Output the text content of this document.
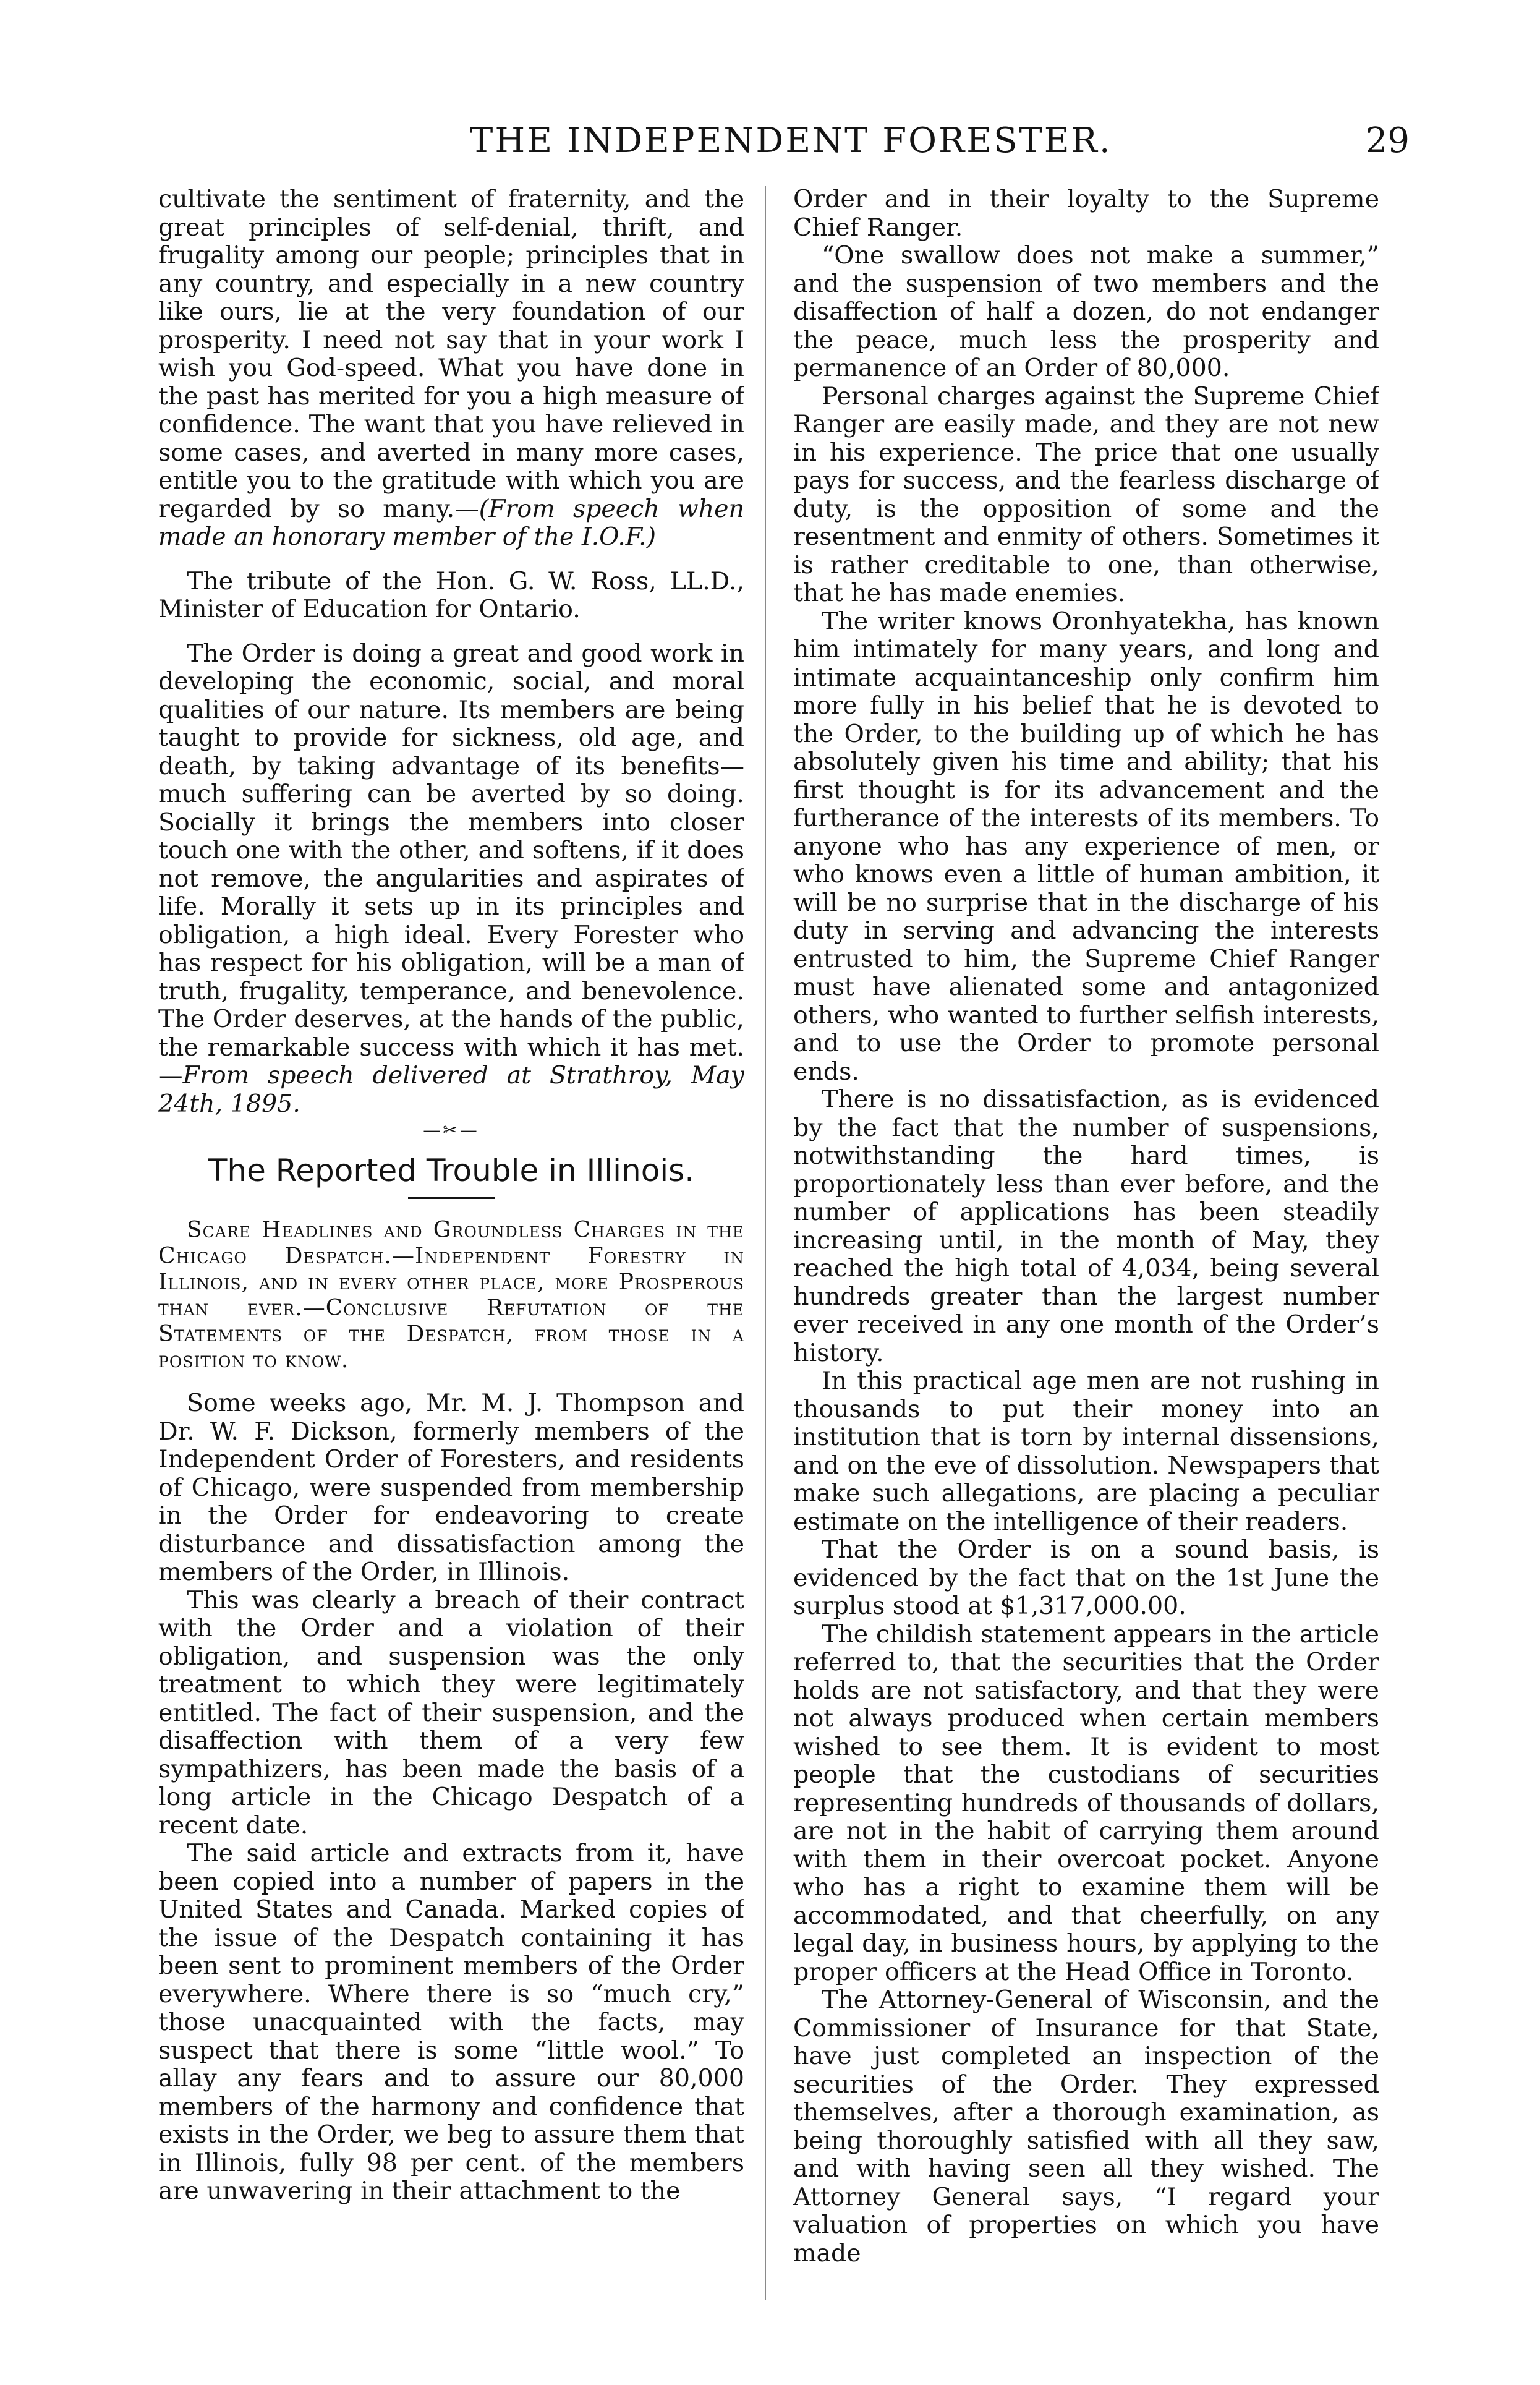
THE INDEPENDENT FORESTER.	29

cultivate the sentiment of fraternity, and the great principles of self-denial, thrift, and frugality among our people; principles that in any country, and especially in a new country like ours, lie at the very foundation of our prosperity. I need not say that in your work I wish you God-speed. What you have done in the past has merited for you a high measure of confidence. The want that you have relieved in some cases, and averted in many more cases, entitle you to the gratitude with which you are regarded by so many.—(From speech when made an honorary member of the I.O.F.)

The tribute of the Hon. G. W. Ross, LL.D., Minister of Education for Ontario.

The Order is doing a great and good work in developing the economic, social, and moral qualities of our nature. Its members are being taught to provide for sickness, old age, and death, by taking advantage of its benefits—much suffering can be averted by so doing. Socially it brings the members into closer touch one with the other, and softens, if it does not remove, the angularities and aspirates of life. Morally it sets up in its principles and obligation, a high ideal. Every Forester who has respect for his obligation, will be a man of truth, frugality, temperance, and benevolence. The Order deserves, at the hands of the public, the remarkable success with which it has met.—From speech delivered at Strathroy, May 24th, 1895.

—✂—
The Reported Trouble in Illinois.

Scare Headlines and Groundless Charges in the Chicago Despatch.—Independent Forestry in Illinois, and in every other place, more Prosperous than ever.—Conclusive Refutation of the Statements of the Despatch, from those in a position to know.

Some weeks ago, Mr. M. J. Thompson and Dr. W. F. Dickson, formerly members of the Independent Order of Foresters, and residents of Chicago, were suspended from membership in the Order for endeavoring to create disturbance and dissatisfaction among the members of the Order, in Illinois.

This was clearly a breach of their contract with the Order and a violation of their obligation, and suspension was the only treatment to which they were legitimately entitled. The fact of their suspension, and the disaffection with them of a very few sympathizers, has been made the basis of a long article in the Chicago Despatch of a recent date.

The said article and extracts from it, have been copied into a number of papers in the United States and Canada. Marked copies of the issue of the Despatch containing it has been sent to prominent members of the Order everywhere. Where there is so “much cry,” those unacquainted with the facts, may suspect that there is some “little wool.” To allay any fears and to assure our 80,000 members of the harmony and confidence that exists in the Order, we beg to assure them that in Illinois, fully 98 per cent. of the members are unwavering in their attachment to the

Order and in their loyalty to the Supreme Chief Ranger.

“One swallow does not make a summer,” and the suspension of two members and the disaffection of half a dozen, do not endanger the peace, much less the prosperity and permanence of an Order of 80,000.

Personal charges against the Supreme Chief Ranger are easily made, and they are not new in his experience. The price that one usually pays for success, and the fearless discharge of duty, is the opposition of some and the resentment and enmity of others. Sometimes it is rather creditable to one, than otherwise, that he has made enemies.

The writer knows Oronhyatekha, has known him intimately for many years, and long and intimate acquaintanceship only confirm him more fully in his belief that he is devoted to the Order, to the building up of which he has absolutely given his time and ability; that his first thought is for its advancement and the furtherance of the interests of its members. To anyone who has any experience of men, or who knows even a little of human ambition, it will be no surprise that in the discharge of his duty in serving and advancing the interests entrusted to him, the Supreme Chief Ranger must have alienated some and antagonized others, who wanted to further selfish interests, and to use the Order to promote personal ends.

There is no dissatisfaction, as is evidenced by the fact that the number of suspensions, notwithstanding the hard times, is proportionately less than ever before, and the number of applications has been steadily increasing until, in the month of May, they reached the high total of 4,034, being several hundreds greater than the largest number ever received in any one month of the Order’s history.

In this practical age men are not rushing in thousands to put their money into an institution that is torn by internal dissensions, and on the eve of dissolution. Newspapers that make such allegations, are placing a peculiar estimate on the intelligence of their readers.

That the Order is on a sound basis, is evidenced by the fact that on the 1st June the surplus stood at $1,317,000.00.

The childish statement appears in the article referred to, that the securities that the Order holds are not satisfactory, and that they were not always produced when certain members wished to see them. It is evident to most people that the custodians of securities representing hundreds of thousands of dollars, are not in the habit of carrying them around with them in their overcoat pocket. Anyone who has a right to examine them will be accommodated, and that cheerfully, on any legal day, in business hours, by applying to the proper officers at the Head Office in Toronto.

The Attorney-General of Wisconsin, and the Commissioner of Insurance for that State, have just completed an inspection of the securities of the Order. They expressed themselves, after a thorough examination, as being thoroughly satisfied with all they saw, and with having seen all they wished. The Attorney General says, “I regard your valuation of properties on which you have made
